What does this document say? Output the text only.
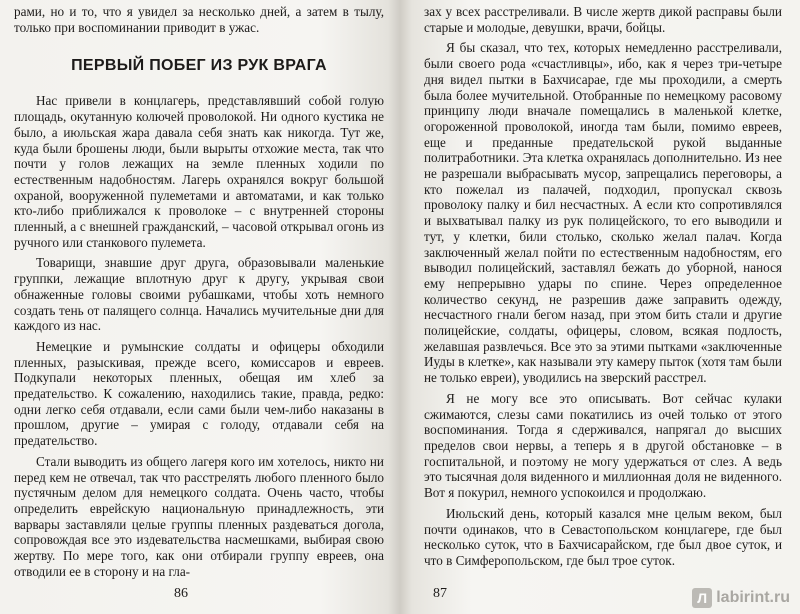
рами, но и то, что я увидел за несколько дней, а затем в тылу, только при воспоминании приводит в ужас.

ПЕРВЫЙ ПОБЕГ ИЗ РУК ВРАГА

Нас привели в концлагерь, представлявший собой голую площадь, окутанную колючей проволокой. Ни одного кустика не было, а июльская жара давала себя знать как никогда. Тут же, куда были брошены люди, были вырыты отхожие места, так что почти у голов лежащих на земле пленных ходили по естественным надобностям. Лагерь охранялся вокруг большой охраной, вооруженной пулеметами и автоматами, и как только кто-либо приближался к проволоке – с внутренней стороны пленный, а с внешней гражданский, – часовой открывал огонь из ручного или станкового пулемета.

Товарищи, знавшие друг друга, образовывали маленькие группки, лежащие вплотную друг к другу, укрывая свои обнаженные головы своими рубашками, чтобы хоть немного создать тень от палящего солнца. Начались мучительные дни для каждого из нас.

Немецкие и румынские солдаты и офицеры обходили пленных, разыскивая, прежде всего, комиссаров и евреев. Подкупали некоторых пленных, обещая им хлеб за предательство. К сожалению, находились такие, правда, редко: одни легко себя отдавали, если сами были чем-либо наказаны в прошлом, другие – умирая с голоду, отдавали себя на предательство.

Стали выводить из общего лагеря кого им хотелось, никто ни перед кем не отвечал, так что расстрелять любого пленного было пустячным делом для немецкого солдата. Очень часто, чтобы определить еврейскую национальную принадлежность, эти варвары заставляли целые группы пленных раздеваться догола, сопровождая все это издевательства насмешками, выбирая свою жертву. По мере того, как они отбирали группу евреев, она отводили ее в сторону и на гла-

86

зах у всех расстреливали. В числе жертв дикой расправы были старые и молодые, девушки, врачи, бойцы.

Я бы сказал, что тех, которых немедленно расстреливали, были своего рода «счастливцы», ибо, как я через три-четыре дня видел пытки в Бахчисарае, где мы проходили, а смерть была более мучительной. Отобранные по немецкому расовому принципу люди вначале помещались в маленькой клетке, огороженной проволокой, иногда там были, помимо евреев, еще и преданные предательской рукой выданные политработники. Эта клетка охранялась дополнительно. Из нее не разрешали выбрасывать мусор, запрещались переговоры, а кто пожелал из палачей, подходил, пропускал сквозь проволоку палку и бил несчастных. А если кто сопротивлялся и выхватывал палку из рук полицейского, то его выводили и тут, у клетки, били столько, сколько желал палач. Когда заключенный желал пойти по естественным надобностям, его выводил полицейский, заставлял бежать до уборной, нанося ему непрерывно удары по спине. Через определенное количество секунд, не разрешив даже заправить одежду, несчастного гнали бегом назад, при этом бить стали и другие полицейские, солдаты, офицеры, словом, всякая подлость, желавшая развлечься. Все это за этими пытками «заключенные Иуды в клетке», как называли эту камеру пыток (хотя там были не только евреи), уводились на зверский расстрел.

Я не могу все это описывать. Вот сейчас кулаки сжимаются, слезы сами покатились из очей только от этого воспоминания. Тогда я сдерживался, напрягал до высших пределов свои нервы, а теперь я в другой обстановке – в госпитальной, и поэтому не могу удержаться от слез. А ведь это тысячная доля виденного и миллионная доля не виденного. Вот я покурил, немного успокоился и продолжаю.

Июльский день, который казался мне целым веком, был почти одинаков, что в Севастопольском концлагере, где был несколько суток, что в Бахчисарайском, где был двое суток, и что в Симферопольском, где был трое суток.

87	Л labirint.ru
